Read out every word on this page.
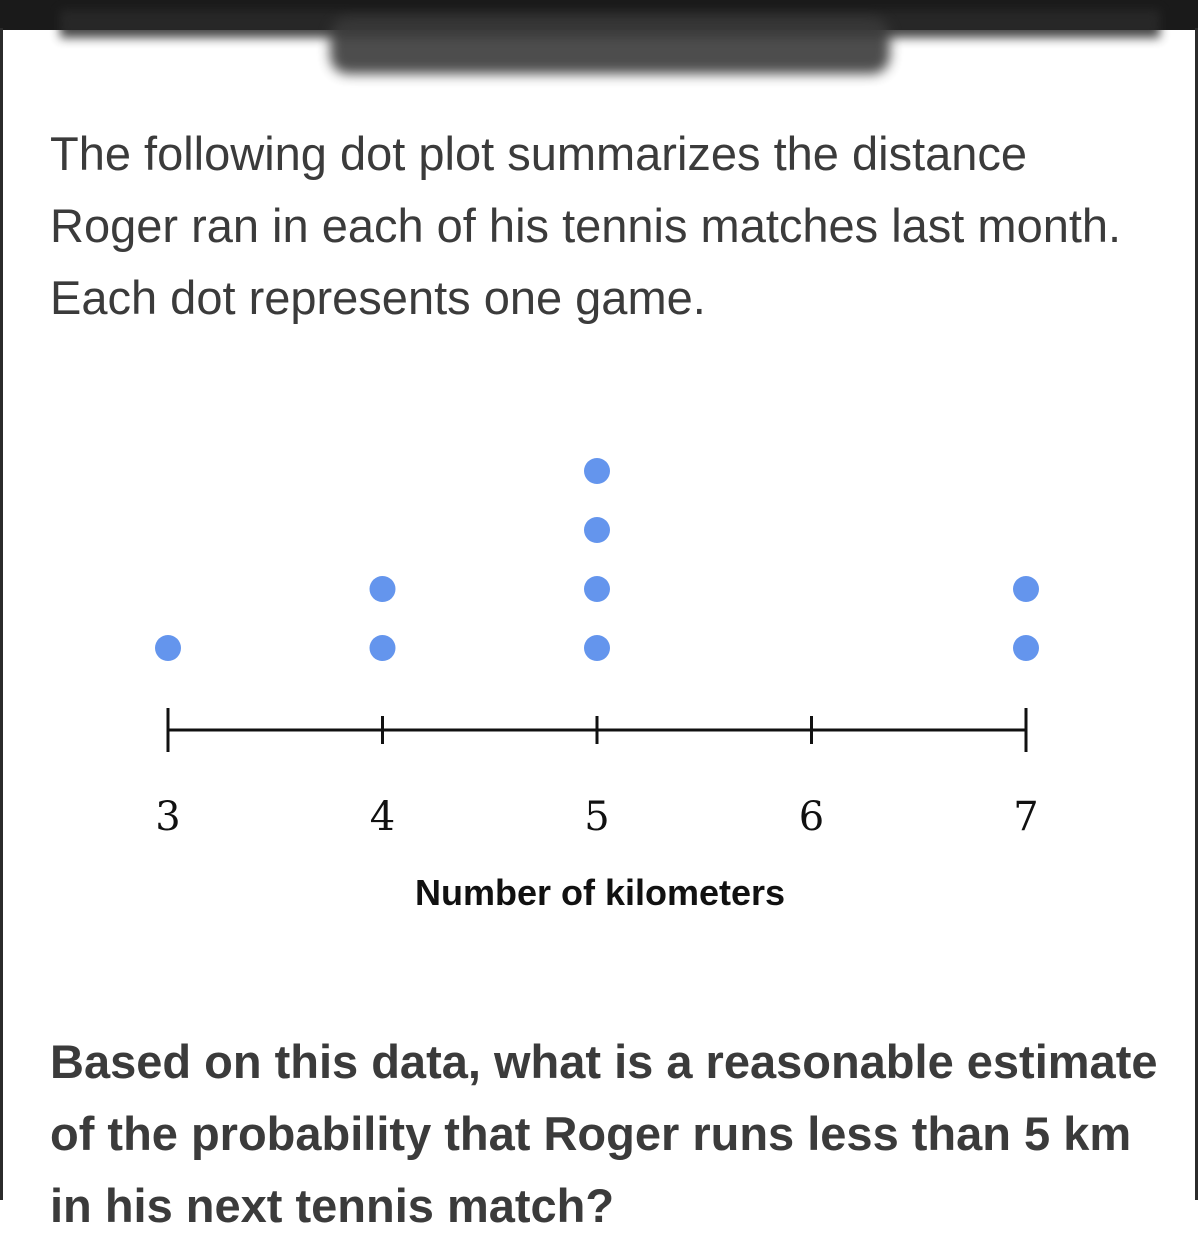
The following dot plot summarizes the distance Roger ran in each of his tennis matches last month. Each dot represents one game.

3	4	5	6	7
Number of kilometers

Based on this data, what is a reasonable estimate of the probability that Roger runs less than 5 km in his next tennis match?
